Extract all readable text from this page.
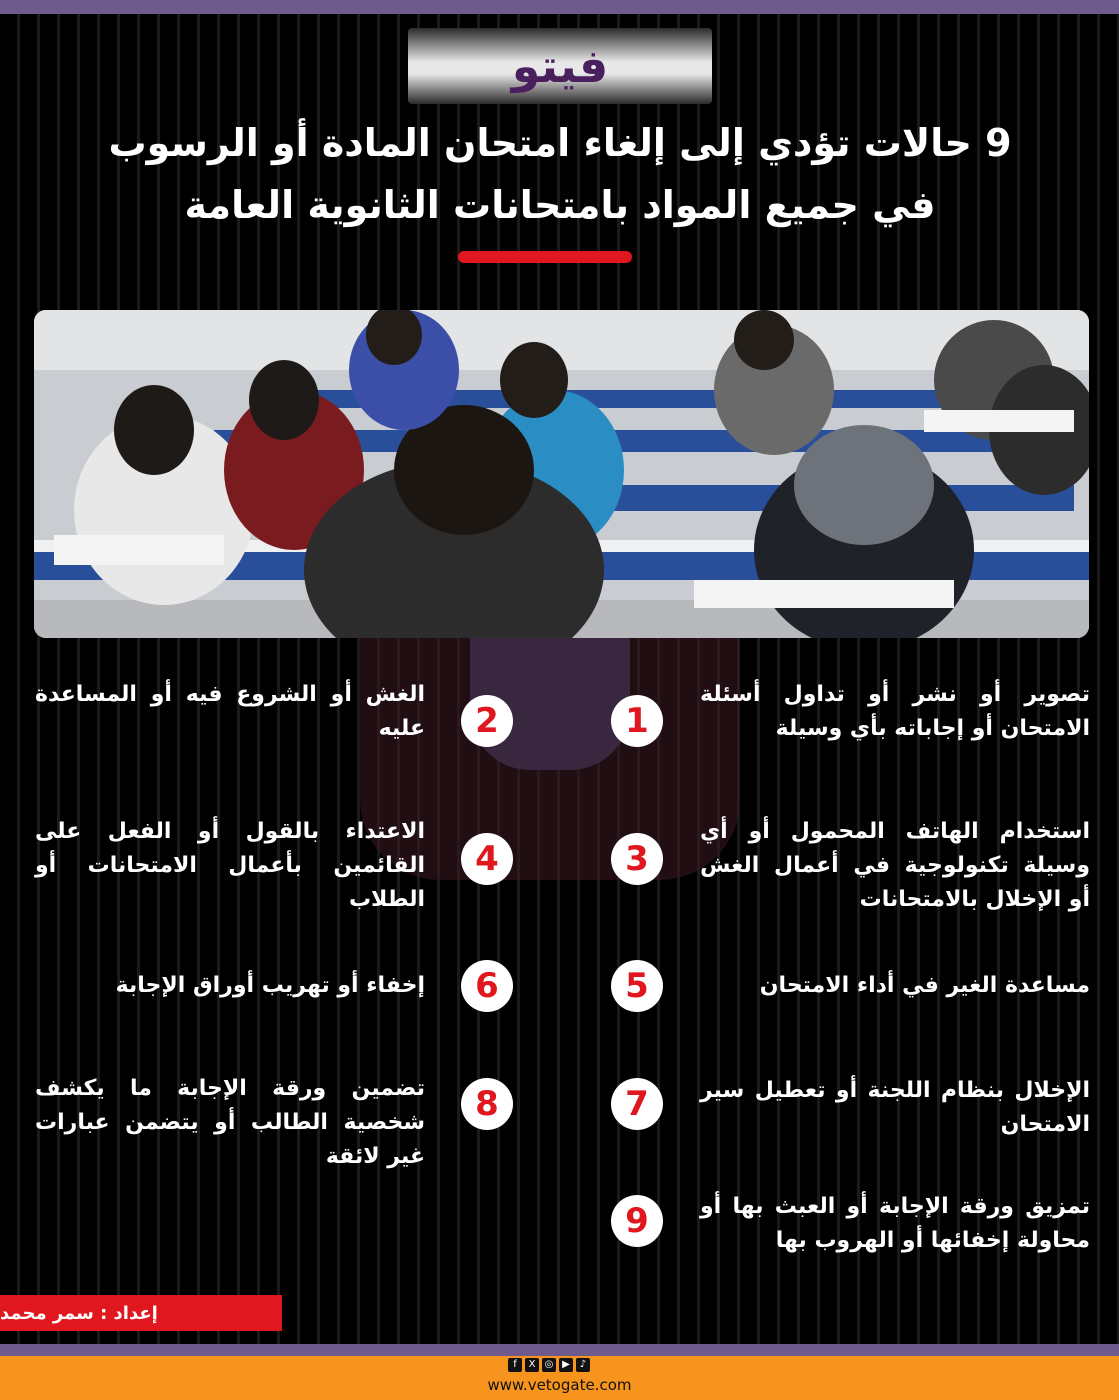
فيتو
9 حالات تؤدي إلى إلغاء امتحان المادة أو الرسوب
في جميع المواد بامتحانات الثانوية العامة
1
تصوير أو نشر أو تداول أسئلة الامتحان أو إجاباته بأي وسيلة
2
الغش أو الشروع فيه أو المساعدة عليه
3
استخدام الهاتف المحمول أو أي وسيلة تكنولوجية في أعمال الغش أو الإخلال بالامتحانات
4
الاعتداء بالقول أو الفعل على القائمين بأعمال الامتحانات أو الطلاب
5	مساعدة الغير في أداء الامتحان
6
إخفاء أو تهريب أوراق الإجابة
7	الإخلال بنظام اللجنة أو تعطيل سير الامتحان
8
تضمين ورقة الإجابة ما يكشف شخصية الطالب أو يتضمن عبارات غير لائقة
9	تمزيق ورقة الإجابة أو العبث بها أو محاولة إخفائها أو الهروب بها
إعداد : سمر محمد
f	X ◎ ▶ ♪
www.vetogate.com
